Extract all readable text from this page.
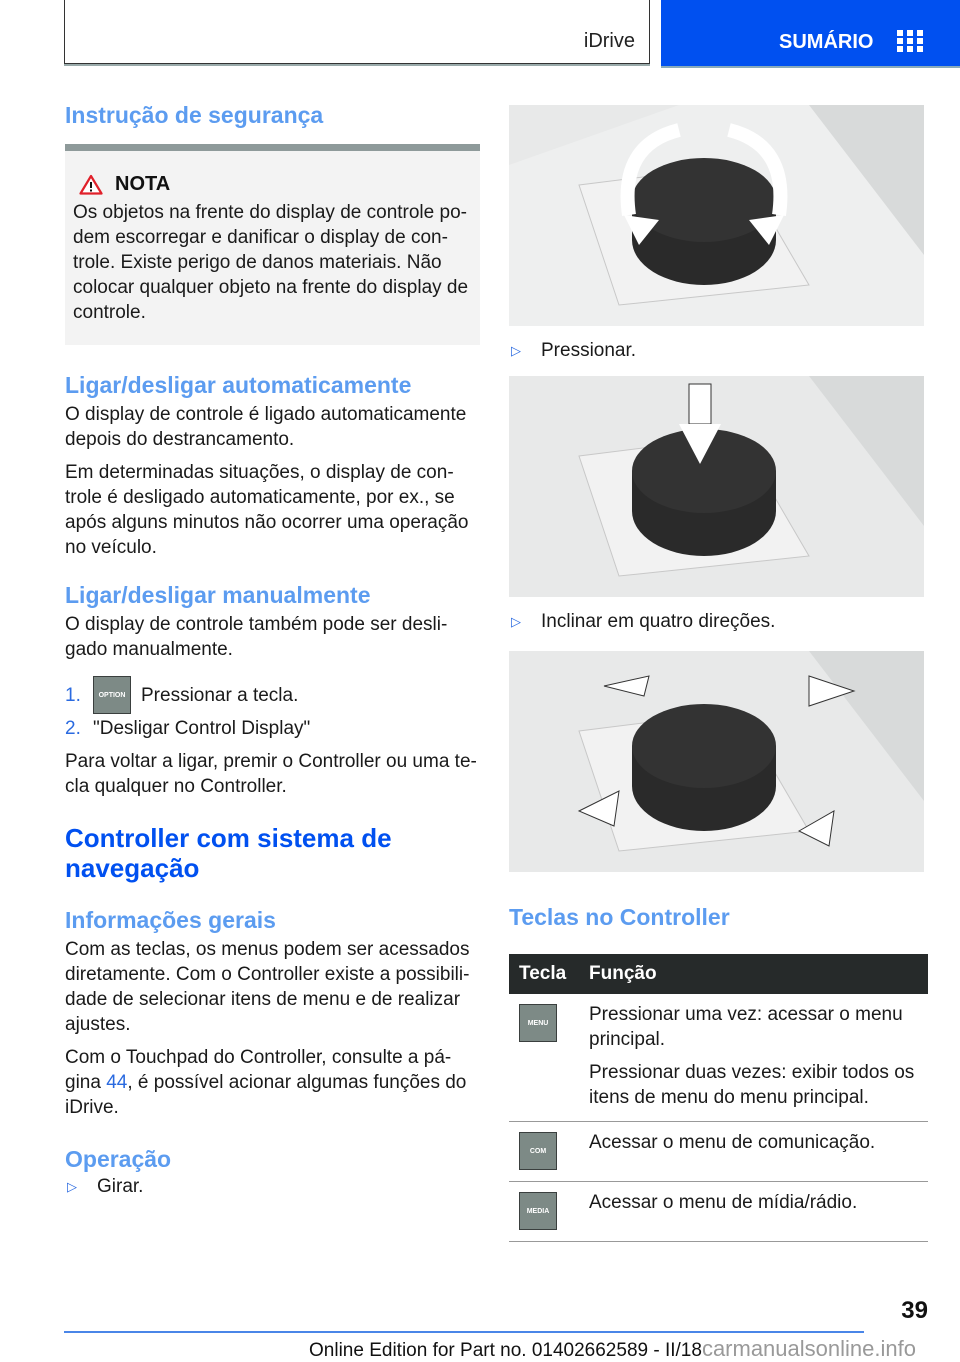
iDrive	SUMÁRIO
Instrução de segurança
NOTA

Os objetos na frente do display de controle podem escorregar e danificar o display de controle. Existe perigo de danos materiais. Não colocar qualquer objeto na frente do display de controle.

Ligar/desligar automaticamente

O display de controle é ligado automaticamente depois do destrancamento.

Em determinadas situações, o display de controle é desligado automaticamente, por ex., se após alguns minutos não ocorrer uma operação no veículo.

Ligar/desligar manualmente

O display de controle também pode ser desligado manualmente.

1.	OPTION Pressionar a tecla.
2. "Desligar Control Display"

Para voltar a ligar, premir o Controller ou uma tecla qualquer no Controller.

Controller com sistema de navegação
Informações gerais

Com as teclas, os menus podem ser acessados diretamente. Com o Controller existe a possibilidade de selecionar itens de menu e de realizar ajustes.

Com o Touchpad do Controller, consulte a página 44, é possível acionar algumas funções do iDrive.

Operação
▷	Girar.
▷	Pressionar.
▷	Inclinar em quatro direções.
Teclas no Controller
Tecla	Função

MENU	Pressionar uma vez: acessar o menu principal.
Pressionar duas vezes: exibir todos os itens de menu do menu principal.

COM	Acessar o menu de comunicação.

MEDIA	Acessar o menu de mídia/rádio.
39
Online Edition for Part no. 01402662589 - II/18carmanualsonline.info
